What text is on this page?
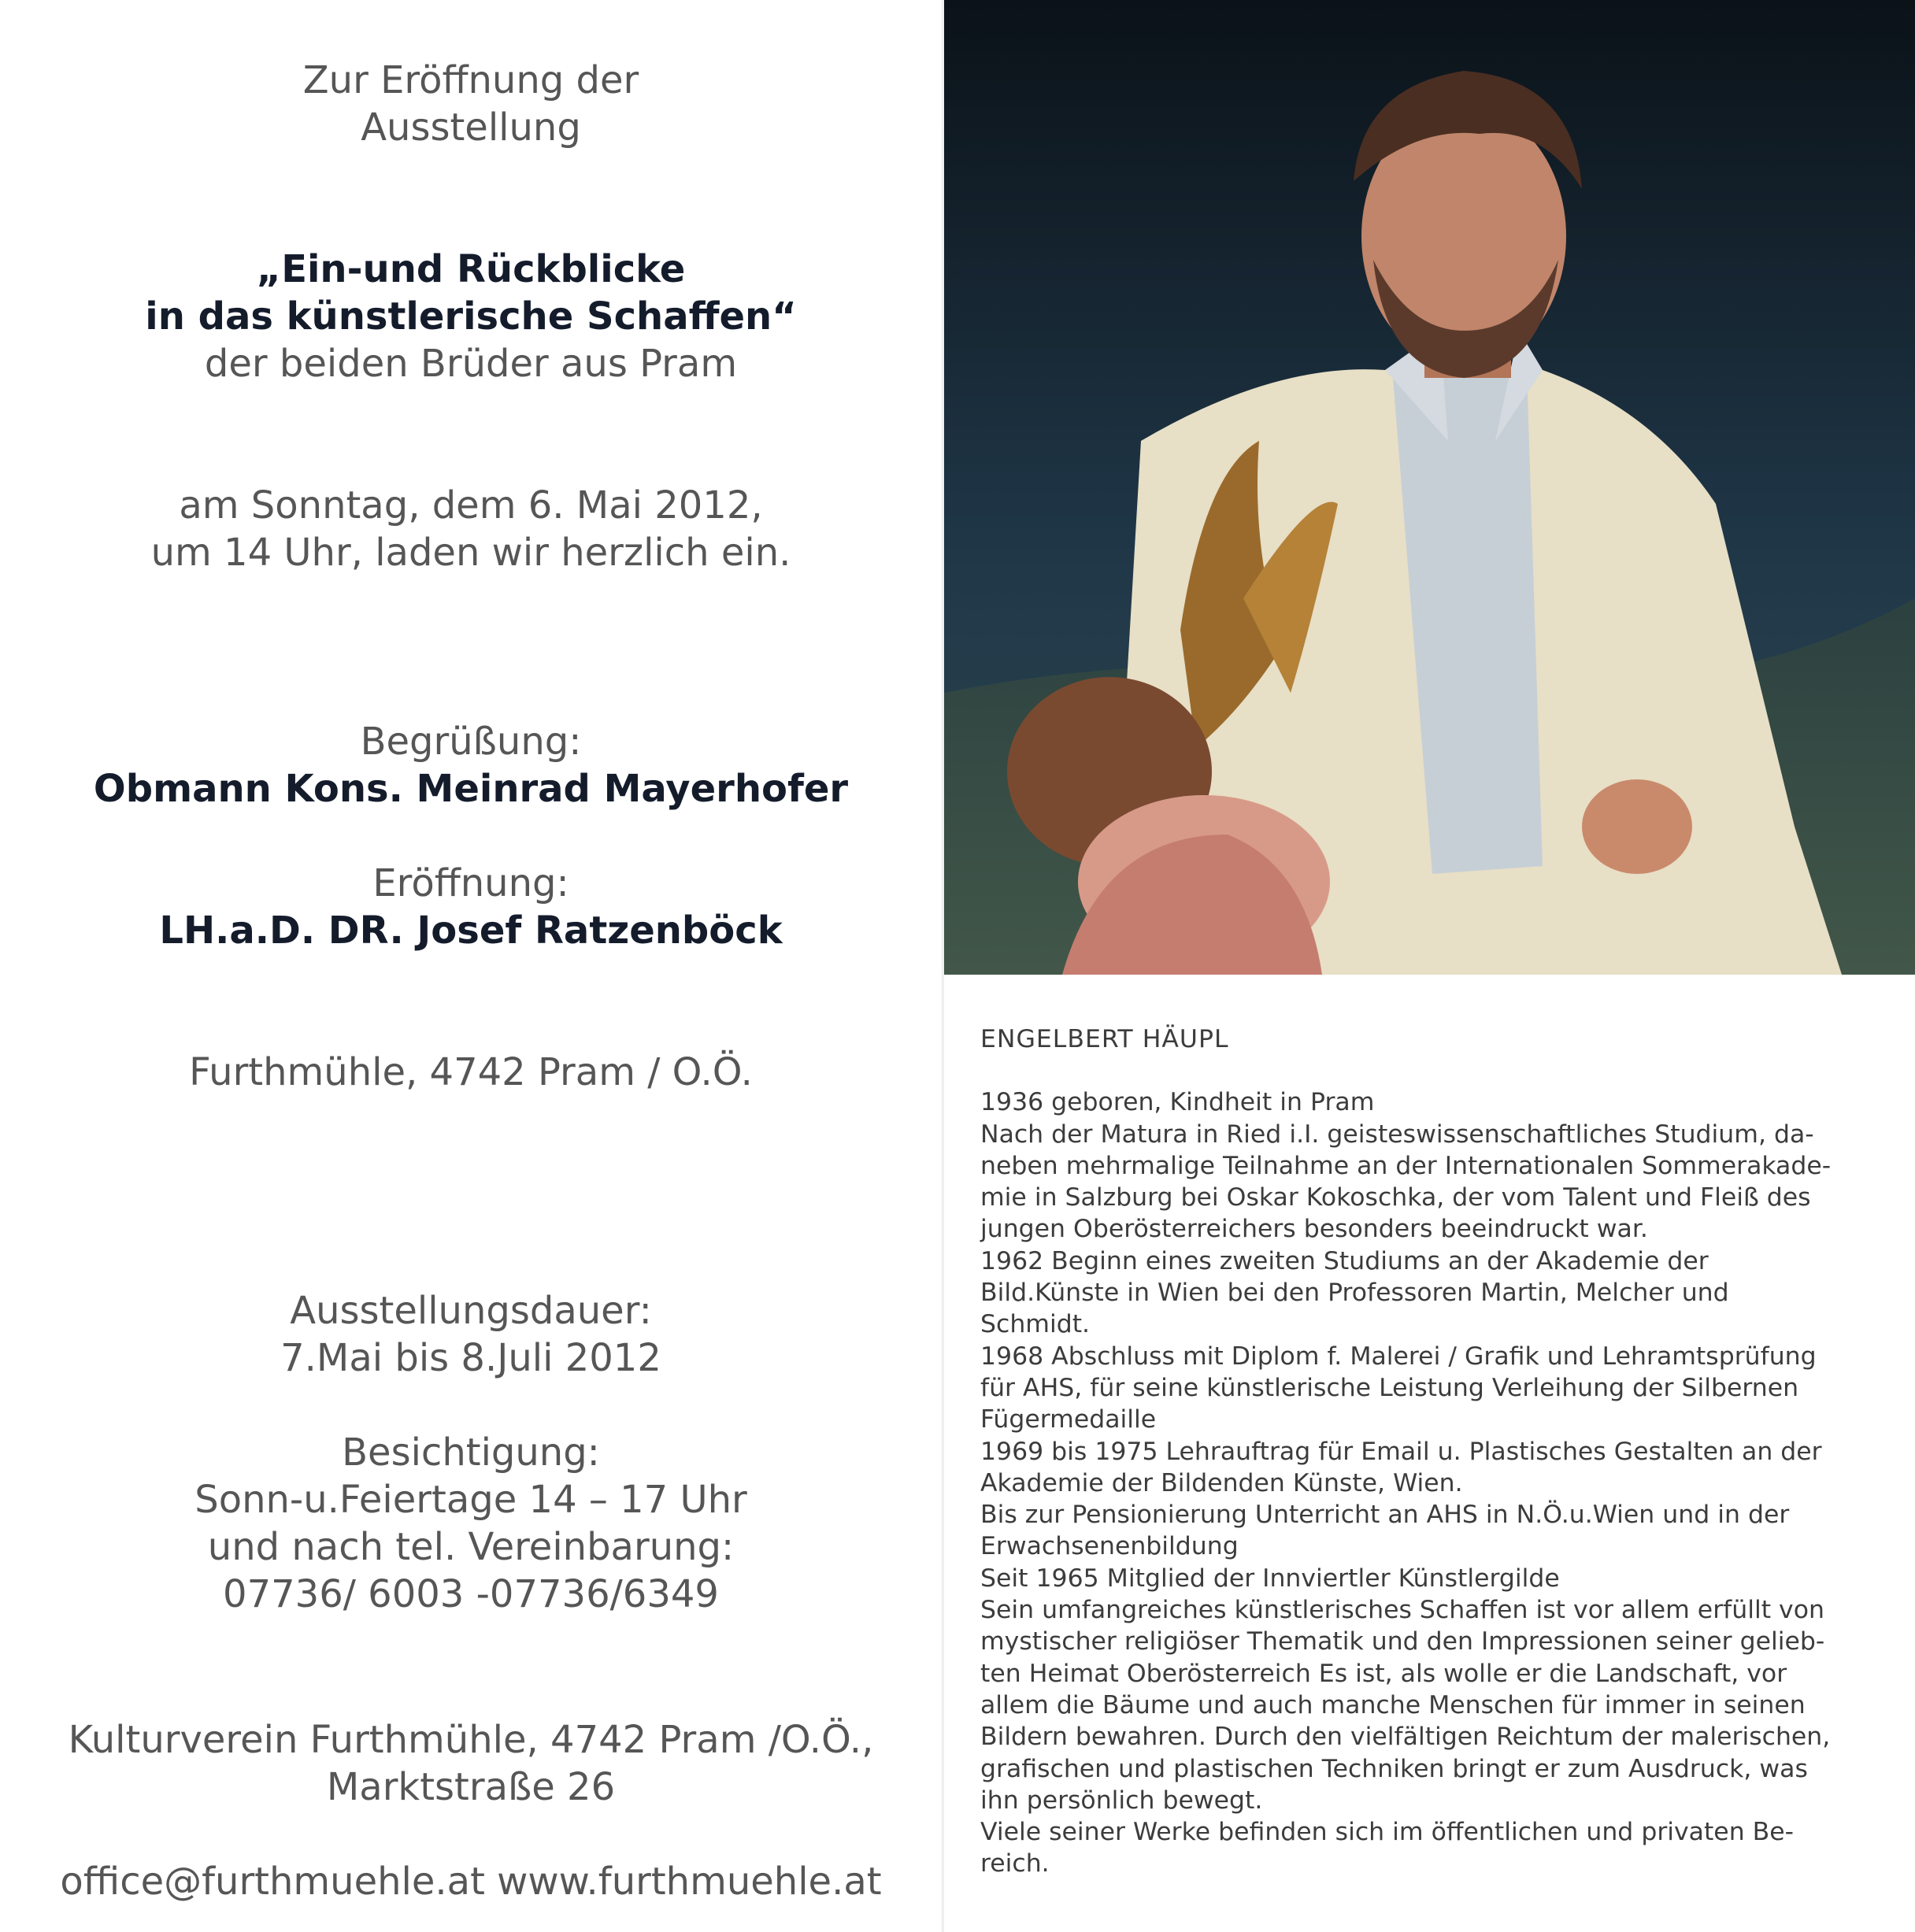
Zur Eröffnung der
Ausstellung
„Ein-und Rückblicke
in das künstlerische Schaffen“
der beiden Brüder aus Pram
am Sonntag, dem 6. Mai 2012,
um 14 Uhr, laden wir herzlich ein.
Begrüßung:
Obmann Kons. Meinrad Mayerhofer
Eröffnung:
LH.a.D. DR. Josef Ratzenböck
Furthmühle, 4742 Pram / O.Ö.
Ausstellungsdauer:
7.Mai bis 8.Juli 2012
Besichtigung:
Sonn-u.Feiertage 14 – 17 Uhr
und nach tel. Vereinbarung:
07736/ 6003 -07736/6349
Kulturverein Furthmühle, 4742 Pram /O.Ö.,
Marktstraße 26
office@furthmuehle.at www.furthmuehle.at
ENGELBERT HÄUPL
1936 geboren, Kindheit in Pram
Nach der Matura in Ried i.I. geisteswissenschaftliches Studium, da-
neben mehrmalige Teilnahme an der Internationalen Sommerakade-
mie in Salzburg bei Oskar Kokoschka, der vom Talent und Fleiß des
jungen Oberösterreichers besonders beeindruckt war.
1962 Beginn eines zweiten Studiums an der Akademie der
Bild.Künste in Wien bei den Professoren Martin, Melcher und
Schmidt.
1968 Abschluss mit Diplom f. Malerei / Grafik und Lehramtsprüfung
für AHS, für seine künstlerische Leistung Verleihung der Silbernen
Fügermedaille
1969 bis 1975 Lehrauftrag für Email u. Plastisches Gestalten an der
Akademie der Bildenden Künste, Wien.
Bis zur Pensionierung Unterricht an AHS in N.Ö.u.Wien und in der
Erwachsenenbildung
Seit 1965 Mitglied der Innviertler Künstlergilde
Sein umfangreiches künstlerisches Schaffen ist vor allem erfüllt von
mystischer religiöser Thematik und den Impressionen seiner gelieb-
ten Heimat Oberösterreich Es ist, als wolle er die Landschaft, vor
allem die Bäume und auch manche Menschen für immer in seinen
Bildern bewahren. Durch den vielfältigen Reichtum der malerischen,
grafischen und plastischen Techniken bringt er zum Ausdruck, was
ihn persönlich bewegt.
Viele seiner Werke befinden sich im öffentlichen und privaten Be-
reich.
